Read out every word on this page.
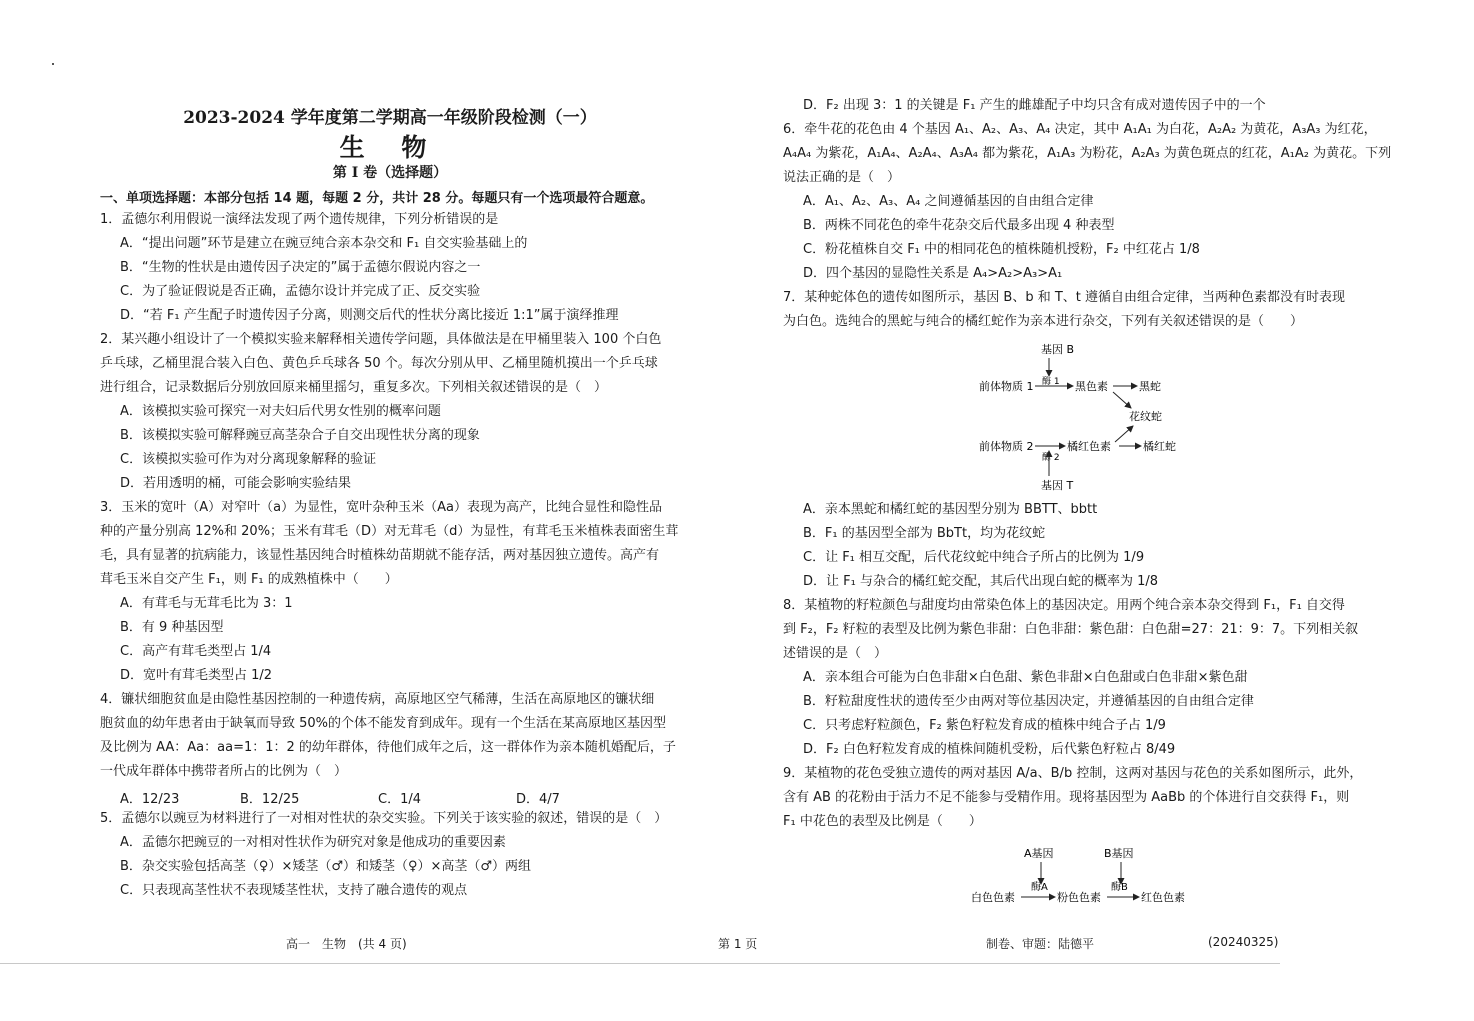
2023-2024 学年度第二学期高一年级阶段检测（一）
生 物
第 I 卷（选择题）
一、单项选择题：本部分包括 14 题，每题 2 分，共计 28 分。每题只有一个选项最符合题意。
1．孟德尔利用假说一演绎法发现了两个遗传规律，下列分析错误的是
A．“提出问题”环节是建立在豌豆纯合亲本杂交和 F₁ 自交实验基础上的
B．“生物的性状是由遗传因子决定的”属于孟德尔假说内容之一
C．为了验证假说是否正确，孟德尔设计并完成了正、反交实验
D．“若 F₁ 产生配子时遗传因子分离，则测交后代的性状分离比接近 1:1”属于演绎推理
2．某兴趣小组设计了一个模拟实验来解释相关遗传学问题，具体做法是在甲桶里装入 100 个白色
乒乓球，乙桶里混合装入白色、黄色乒乓球各 50 个。每次分别从甲、乙桶里随机摸出一个乒乓球
进行组合，记录数据后分别放回原来桶里摇匀，重复多次。下列相关叙述错误的是（　）
A．该模拟实验可探究一对夫妇后代男女性别的概率问题
B．该模拟实验可解释豌豆高茎杂合子自交出现性状分离的现象
C．该模拟实验可作为对分离现象解释的验证
D．若用透明的桶，可能会影响实验结果
3．玉米的宽叶（A）对窄叶（a）为显性，宽叶杂种玉米（Aa）表现为高产，比纯合显性和隐性品
种的产量分别高 12%和 20%；玉米有茸毛（D）对无茸毛（d）为显性，有茸毛玉米植株表面密生茸
毛，具有显著的抗病能力，该显性基因纯合时植株幼苗期就不能存活，两对基因独立遗传。高产有
茸毛玉米自交产生 F₁，则 F₁ 的成熟植株中（　　）
A．有茸毛与无茸毛比为 3：1
B．有 9 种基因型
C．高产有茸毛类型占 1/4
D．宽叶有茸毛类型占 1/2
4．镰状细胞贫血是由隐性基因控制的一种遗传病，高原地区空气稀薄，生活在高原地区的镰状细
胞贫血的幼年患者由于缺氧而导致 50%的个体不能发育到成年。现有一个生活在某高原地区基因型
及比例为 AA：Aa：aa=1：1：2 的幼年群体，待他们成年之后，这一群体作为亲本随机婚配后，子
一代成年群体中携带者所占的比例为（　）
A．12/23	B．12/25	C．1/4	D．4/7
5．孟德尔以豌豆为材料进行了一对相对性状的杂交实验。下列关于该实验的叙述，错误的是（　）
A．孟德尔把豌豆的一对相对性状作为研究对象是他成功的重要因素
B．杂交实验包括高茎（♀）×矮茎（♂）和矮茎（♀）×高茎（♂）两组
C．只表现高茎性状不表现矮茎性状，支持了融合遗传的观点
D．F₂ 出现 3：1 的关键是 F₁ 产生的雌雄配子中均只含有成对遗传因子中的一个
6．牵牛花的花色由 4 个基因 A₁、A₂、A₃、A₄ 决定，其中 A₁A₁ 为白花，A₂A₂ 为黄花，A₃A₃ 为红花，
A₄A₄ 为紫花，A₁A₄、A₂A₄、A₃A₄ 都为紫花，A₁A₃ 为粉花，A₂A₃ 为黄色斑点的红花，A₁A₂ 为黄花。下列
说法正确的是（　）
A．A₁、A₂、A₃、A₄ 之间遵循基因的自由组合定律
B．两株不同花色的牵牛花杂交后代最多出现 4 种表型
C．粉花植株自交 F₁ 中的相同花色的植株随机授粉，F₂ 中红花占 1/8
D．四个基因的显隐性关系是 A₄>A₂>A₃>A₁
7．某种蛇体色的遗传如图所示，基因 B、b 和 T、t 遵循自由组合定律，当两种色素都没有时表现
为白色。选纯合的黑蛇与纯合的橘红蛇作为亲本进行杂交，下列有关叙述错误的是（　　）
基因 B
酶 1
前体物质 1	黑色素	黑蛇
花纹蛇
前体物质 2	橘红色素	橘红蛇
酶 2
基因 T
A．亲本黑蛇和橘红蛇的基因型分别为 BBTT、bbtt
B．F₁ 的基因型全部为 BbTt，均为花纹蛇
C．让 F₁ 相互交配，后代花纹蛇中纯合子所占的比例为 1/9
D．让 F₁ 与杂合的橘红蛇交配，其后代出现白蛇的概率为 1/8
8．某植物的籽粒颜色与甜度均由常染色体上的基因决定。用两个纯合亲本杂交得到 F₁，F₁ 自交得
到 F₂，F₂ 籽粒的表型及比例为紫色非甜：白色非甜：紫色甜：白色甜=27：21：9：7。下列相关叙
述错误的是（　）
A．亲本组合可能为白色非甜×白色甜、紫色非甜×白色甜或白色非甜×紫色甜
B．籽粒甜度性状的遗传至少由两对等位基因决定，并遵循基因的自由组合定律
C．只考虑籽粒颜色，F₂ 紫色籽粒发育成的植株中纯合子占 1/9
D．F₂ 白色籽粒发育成的植株间随机受粉，后代紫色籽粒占 8/49
9．某植物的花色受独立遗传的两对基因 A/a、B/b 控制，这两对基因与花色的关系如图所示，此外，
含有 AB 的花粉由于活力不足不能参与受精作用。现将基因型为 AaBb 的个体进行自交获得 F₁，则
F₁ 中花色的表型及比例是（　　）
A基因	B基因
酶A	酶B
白色色素	粉色色素	红色色素
高一　生物　(共 4 页)	第 1 页	制卷、审题：陆德平	(20240325)
